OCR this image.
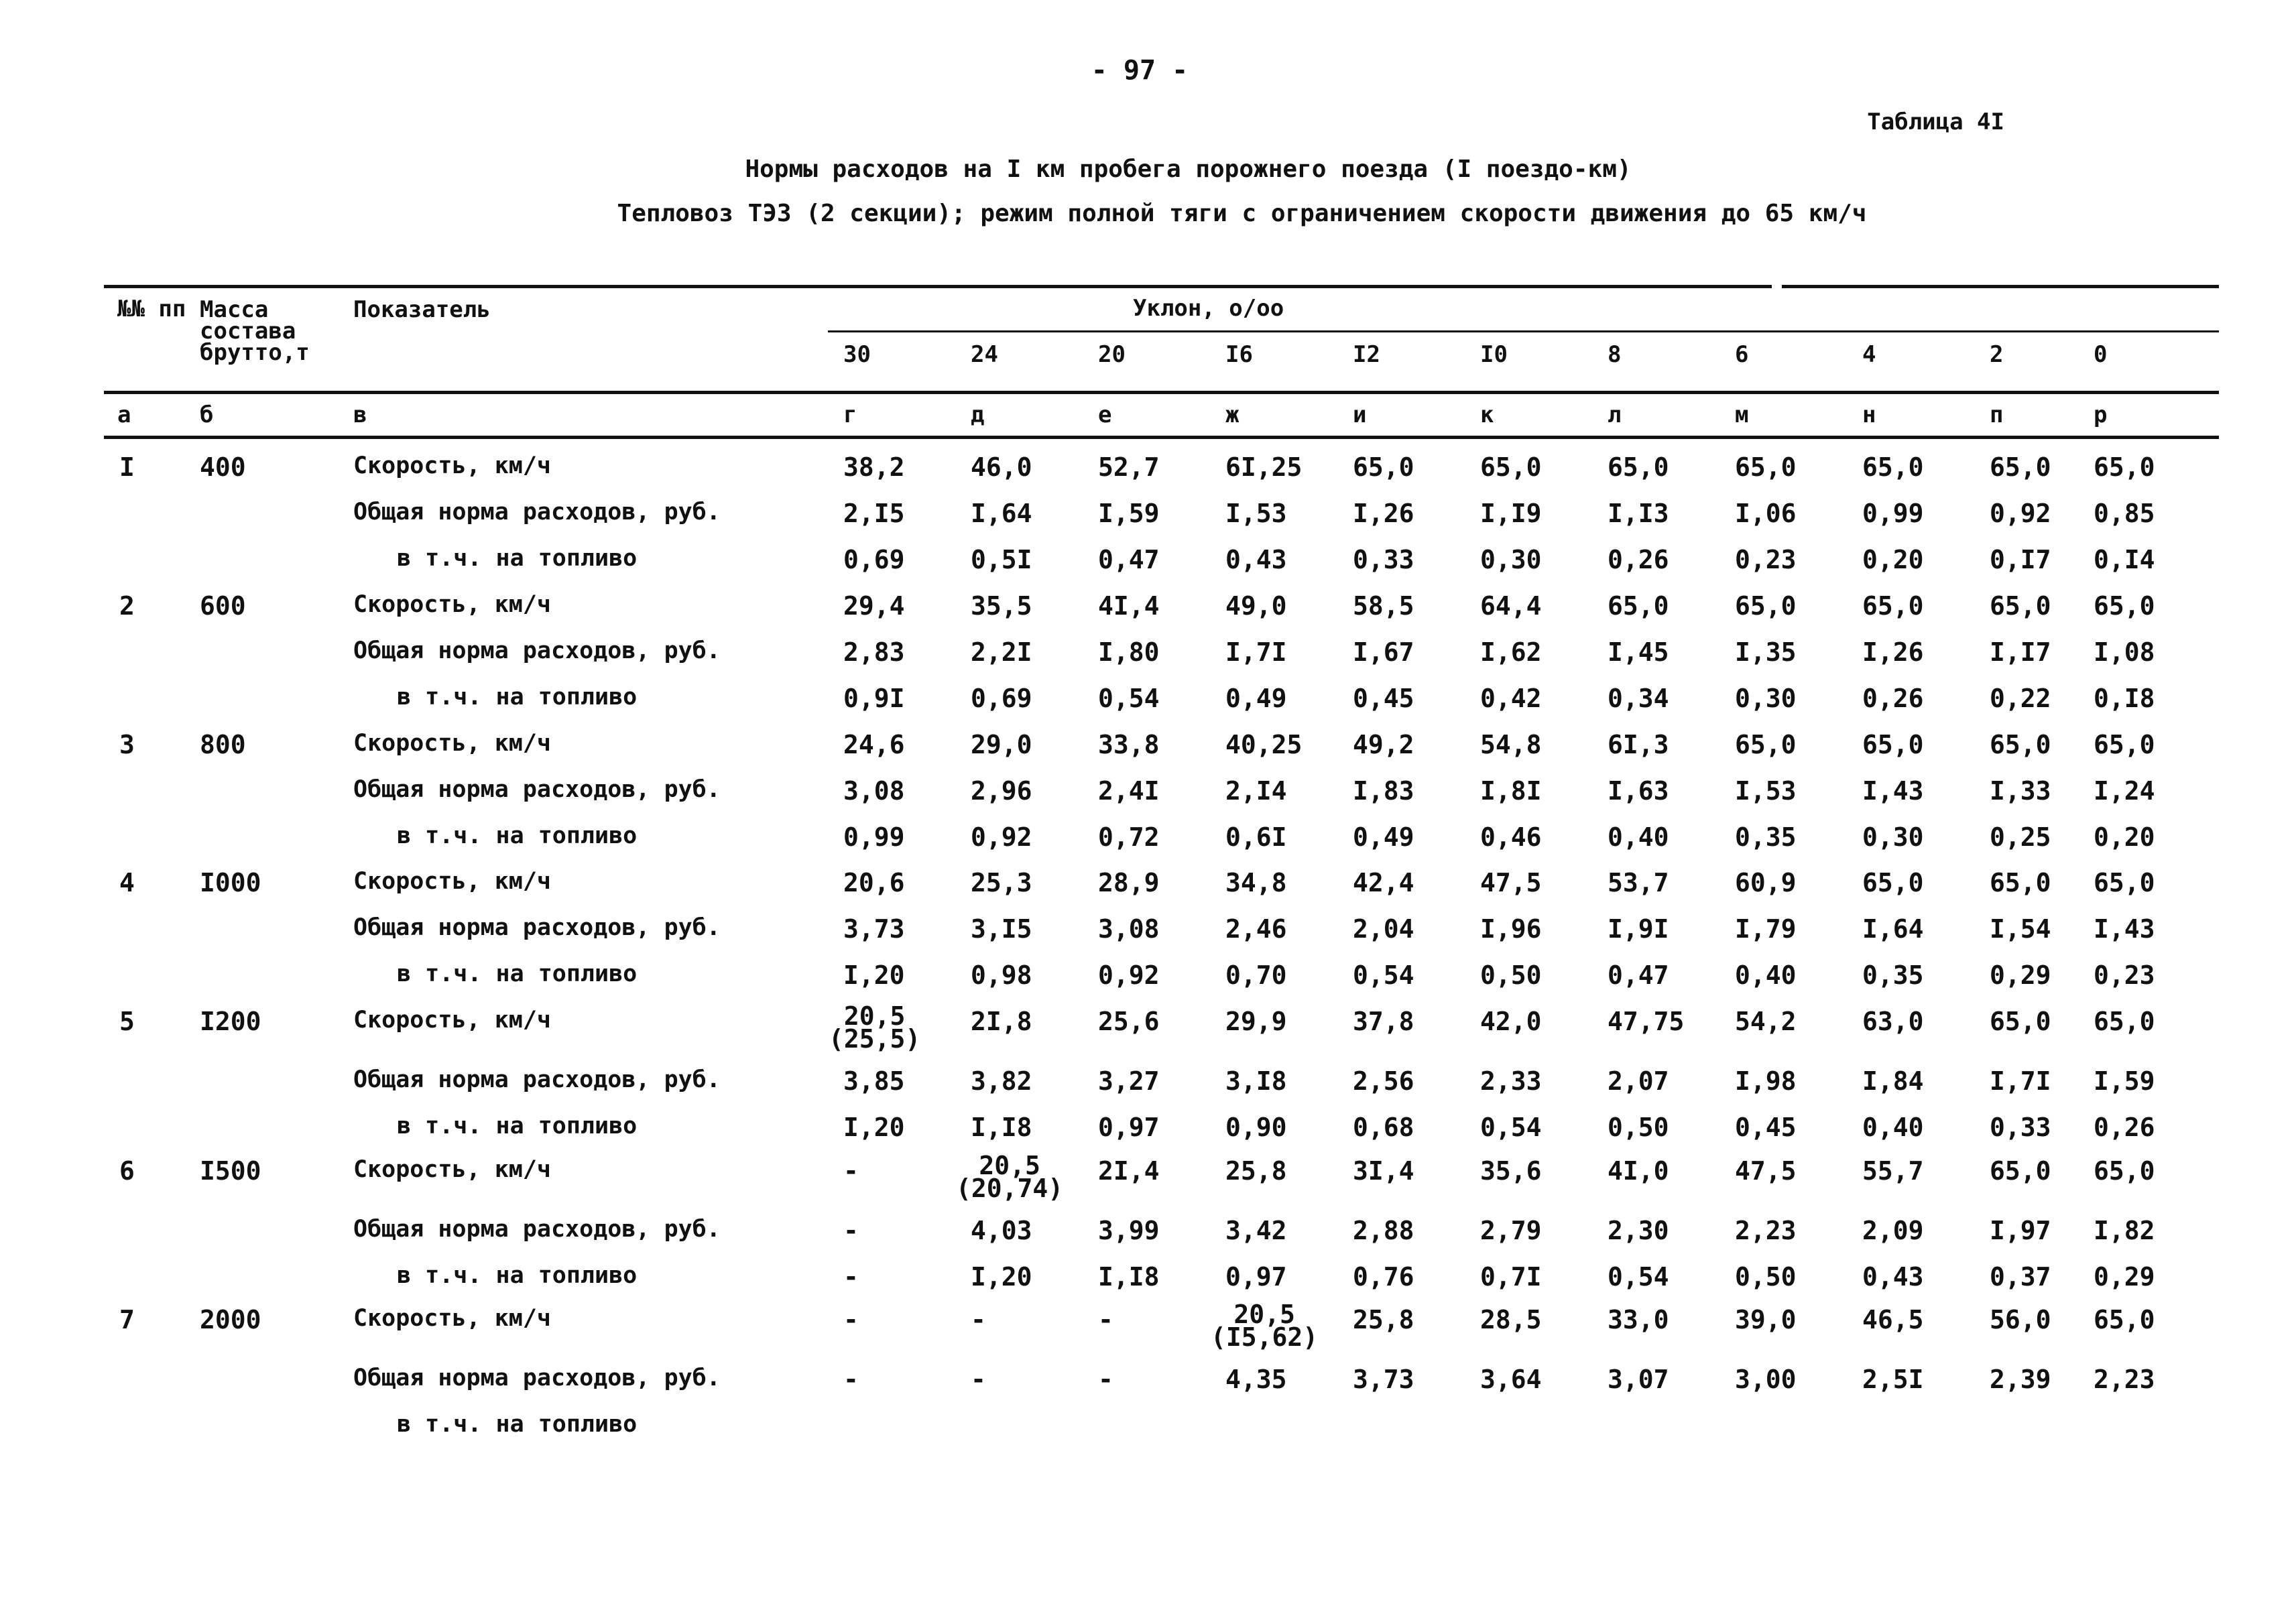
- 97 -
Таблица 4I
Нормы расходов на I км пробега порожнего поезда (I поездо-км)
Тепловоз ТЭ3 (2 секции); режим полной тяги с ограничением скорости движения до 65 км/ч
№№ пп Масса
состава
брутто,т
Показатель	Уклон, о/оо
30	24	20	I6	I2	I0	8	6	4	2	0
а	б	в	г	д	е	ж	и	к	л	м	н	п	р
I	400	Скорость, км/ч	38,2	46,0	52,7	6I,25 65,0	65,0	65,0	65,0	65,0	65,0 65,0
Общая норма расходов, руб.	2,I5	I,64	I,59	I,53	I,26	I,I9	I,I3	I,06	0,99	0,92 0,85
в т.ч. на топливо	0,69	0,5I	0,47	0,43	0,33	0,30	0,26	0,23	0,20	0,I7 0,I4
2	600	Скорость, км/ч	29,4	35,5	4I,4	49,0	58,5	64,4	65,0	65,0	65,0	65,0 65,0
Общая норма расходов, руб.	2,83	2,2I	I,80	I,7I	I,67	I,62	I,45	I,35	I,26	I,I7 I,08
в т.ч. на топливо	0,9I	0,69	0,54	0,49	0,45	0,42	0,34	0,30	0,26	0,22 0,I8
3	800	Скорость, км/ч	24,6	29,0	33,8	40,25 49,2	54,8	6I,3	65,0	65,0	65,0 65,0
Общая норма расходов, руб.	3,08	2,96	2,4I	2,I4	I,83	I,8I	I,63	I,53	I,43	I,33 I,24
в т.ч. на топливо	0,99	0,92	0,72	0,6I	0,49	0,46	0,40	0,35	0,30	0,25 0,20
4	I000	Скорость, км/ч	20,6	25,3	28,9	34,8	42,4	47,5	53,7	60,9	65,0	65,0 65,0
Общая норма расходов, руб.	3,73	3,I5	3,08	2,46	2,04	I,96	I,9I	I,79	I,64	I,54 I,43
в т.ч. на топливо	I,20	0,98	0,92	0,70	0,54	0,50	0,47	0,40	0,35	0,29 0,23
5	I200	Скорость, км/ч	20,5
(25,5)
2I,8	25,6	29,9	37,8	42,0	47,75 54,2	63,0	65,0 65,0
Общая норма расходов, руб.	3,85	3,82	3,27	3,I8	2,56	2,33	2,07	I,98	I,84	I,7I I,59
в т.ч. на топливо	I,20	I,I8	0,97	0,90	0,68	0,54	0,50	0,45	0,40	0,33 0,26
6	I500	Скорость, км/ч	-	20,5
(20,74)
2I,4	25,8	3I,4	35,6	4I,0	47,5	55,7	65,0 65,0
Общая норма расходов, руб.	-	4,03	3,99	3,42	2,88	2,79	2,30	2,23	2,09	I,97 I,82
в т.ч. на топливо	-	I,20	I,I8	0,97	0,76	0,7I	0,54	0,50	0,43	0,37 0,29
7	2000	Скорость, км/ч	-	-	-	20,5
(I5,62)
25,8	28,5	33,0	39,0	46,5	56,0 65,0
Общая норма расходов, руб.	-	-	-	4,35	3,73	3,64	3,07	3,00	2,5I	2,39 2,23
в т.ч. на топливо
